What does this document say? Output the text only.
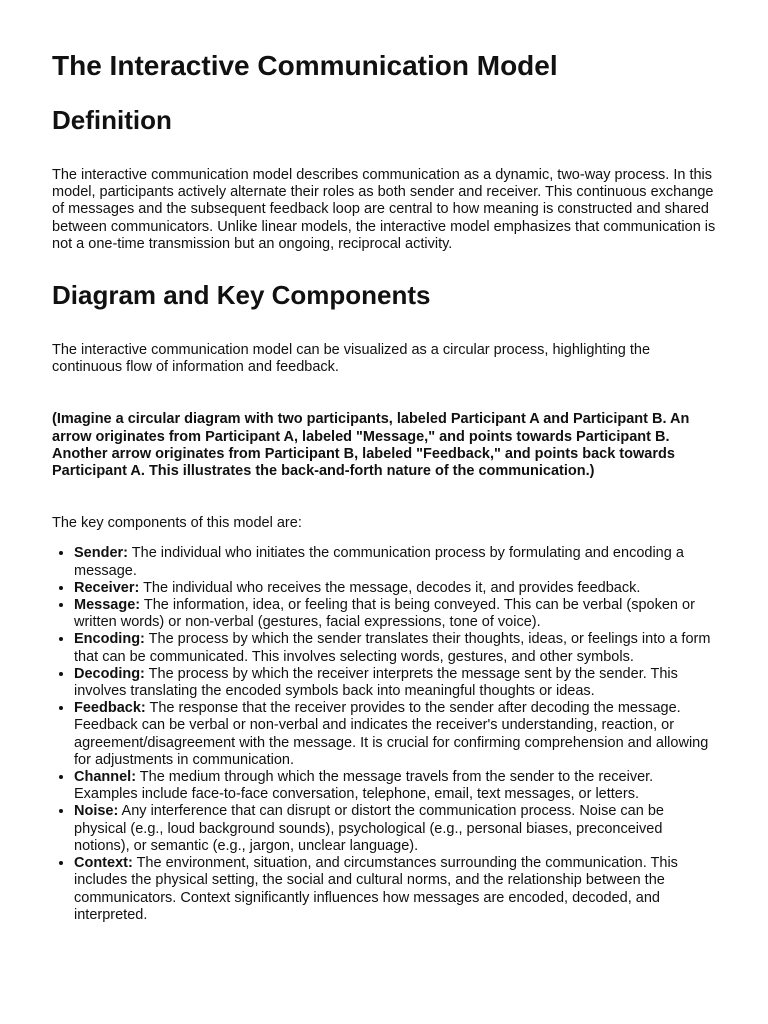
The Interactive Communication Model
Definition

The interactive communication model describes communication as a dynamic, two-way process. In this model, participants actively alternate their roles as both sender and receiver. This continuous exchange of messages and the subsequent feedback loop are central to how meaning is constructed and shared between communicators. Unlike linear models, the interactive model emphasizes that communication is not a one-time transmission but an ongoing, reciprocal activity.

Diagram and Key Components

The interactive communication model can be visualized as a circular process, highlighting the continuous flow of information and feedback.

(Imagine a circular diagram with two participants, labeled Participant A and Participant B. An arrow originates from Participant A, labeled "Message," and points towards Participant B. Another arrow originates from Participant B, labeled "Feedback," and points back towards Participant A. This illustrates the back-and-forth nature of the communication.)

The key components of this model are:

• Sender: The individual who initiates the communication process by formulating and encoding a message.
• Receiver: The individual who receives the message, decodes it, and provides feedback.
• Message: The information, idea, or feeling that is being conveyed. This can be verbal (spoken or written words) or non-verbal (gestures, facial expressions, tone of voice).
• Encoding: The process by which the sender translates their thoughts, ideas, or feelings into a form that can be communicated. This involves selecting words, gestures, and other symbols.
• Decoding: The process by which the receiver interprets the message sent by the sender. This involves translating the encoded symbols back into meaningful thoughts or ideas.
• Feedback: The response that the receiver provides to the sender after decoding the message. Feedback can be verbal or non-verbal and indicates the receiver's understanding, reaction, or agreement/disagreement with the message. It is crucial for confirming comprehension and allowing for adjustments in communication.
• Channel: The medium through which the message travels from the sender to the receiver. Examples include face-to-face conversation, telephone, email, text messages, or letters.
• Noise: Any interference that can disrupt or distort the communication process. Noise can be physical (e.g., loud background sounds), psychological (e.g., personal biases, preconceived notions), or semantic (e.g., jargon, unclear language).
• Context: The environment, situation, and circumstances surrounding the communication. This includes the physical setting, the social and cultural norms, and the relationship between the communicators. Context significantly influences how messages are encoded, decoded, and interpreted.
